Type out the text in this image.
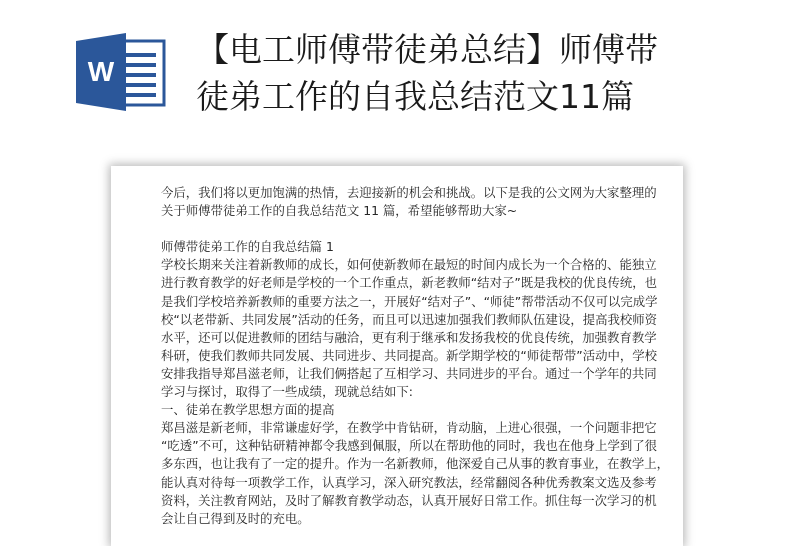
W
【电工师傅带徒弟总结】师傅带
徒弟工作的自我总结范文11篇

今后，我们将以更加饱满的热情，去迎接新的机会和挑战。以下是我的公文网为大家整理的

关于师傅带徒弟工作的自我总结范文 11 篇，希望能够帮助大家~

师傅带徒弟工作的自我总结篇 1

学校长期来关注着新教师的成长，如何使新教师在最短的时间内成长为一个合格的、能独立

进行教育教学的好老师是学校的一个工作重点，新老教师“结对子”既是我校的优良传统，也

是我们学校培养新教师的重要方法之一，开展好“结对子”、“师徒”帮带活动不仅可以完成学

校“以老带新、共同发展”活动的任务，而且可以迅速加强我们教师队伍建设，提高我校师资

水平，还可以促进教师的团结与融洽，更有利于继承和发扬我校的优良传统，加强教育教学

科研，使我们教师共同发展、共同进步、共同提高。新学期学校的“师徒帮带”活动中，学校

安排我指导郑昌滋老师，让我们俩搭起了互相学习、共同进步的平台。通过一个学年的共同

学习与探讨，取得了一些成绩，现就总结如下:

一、徒弟在教学思想方面的提高

郑昌滋是新老师，非常谦虚好学，在教学中肯钻研，肯动脑，上进心很强，一个问题非把它

“吃透”不可，这种钻研精神都令我感到佩服，所以在帮助他的同时，我也在他身上学到了很

多东西，也让我有了一定的提升。作为一名新教师，他深爱自己从事的教育事业，在教学上，

能认真对待每一项教学工作，认真学习，深入研究教法，经常翻阅各种优秀教案文选及参考

资料，关注教育网站，及时了解教育教学动态，认真开展好日常工作。抓住每一次学习的机

会让自己得到及时的充电。
